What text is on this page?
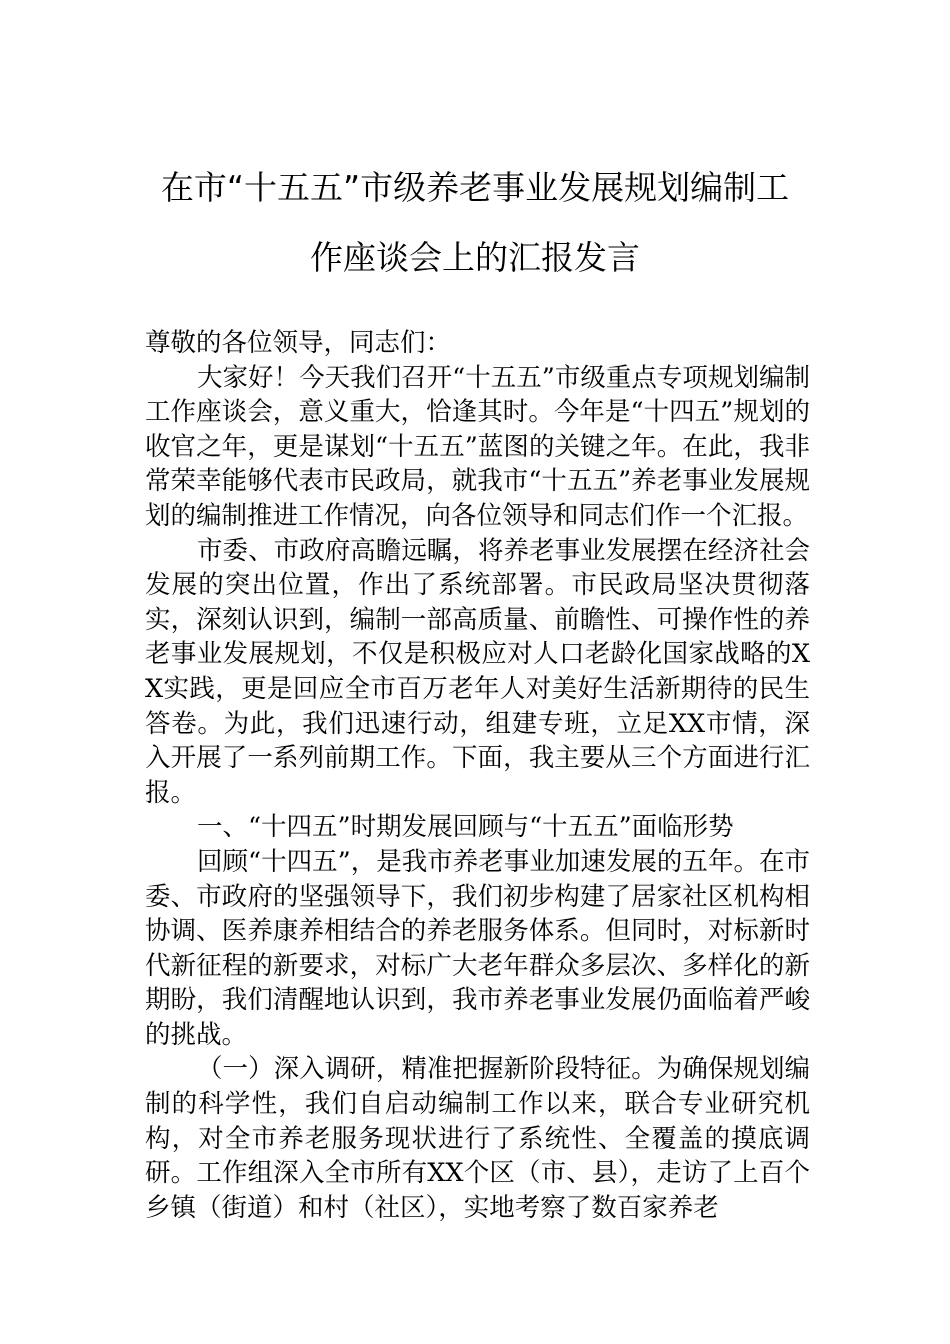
在市“十五五”市级养老事业发展规划编制工
作座谈会上的汇报发言

尊敬的各位领导，同志们：

大家好！今天我们召开“十五五”市级重点专项规划编制工作座谈会，意义重大，恰逢其时。今年是“十四五”规划的收官之年，更是谋划“十五五”蓝图的关键之年。在此，我非常荣幸能够代表市民政局，就我市“十五五”养老事业发展规划的编制推进工作情况，向各位领导和同志们作一个汇报。

市委、市政府高瞻远瞩，将养老事业发展摆在经济社会发展的突出位置，作出了系统部署。市民政局坚决贯彻落实，深刻认识到，编制一部高质量、前瞻性、可操作性的养老事业发展规划，不仅是积极应对人口老龄化国家战略的XX实践，更是回应全市百万老年人对美好生活新期待的民生答卷。为此，我们迅速行动，组建专班，立足XX市情，深入开展了一系列前期工作。下面，我主要从三个方面进行汇报。

一、“十四五”时期发展回顾与“十五五”面临形势

回顾“十四五”，是我市养老事业加速发展的五年。在市委、市政府的坚强领导下，我们初步构建了居家社区机构相协调、医养康养相结合的养老服务体系。但同时，对标新时代新征程的新要求，对标广大老年群众多层次、多样化的新期盼，我们清醒地认识到，我市养老事业发展仍面临着严峻的挑战。

（一）深入调研，精准把握新阶段特征。为确保规划编制的科学性，我们自启动编制工作以来，联合专业研究机构，对全市养老服务现状进行了系统性、全覆盖的摸底调研。工作组深入全市所有XX个区（市、县），走访了上百个乡镇（街道）和村（社区），实地考察了数百家养老
